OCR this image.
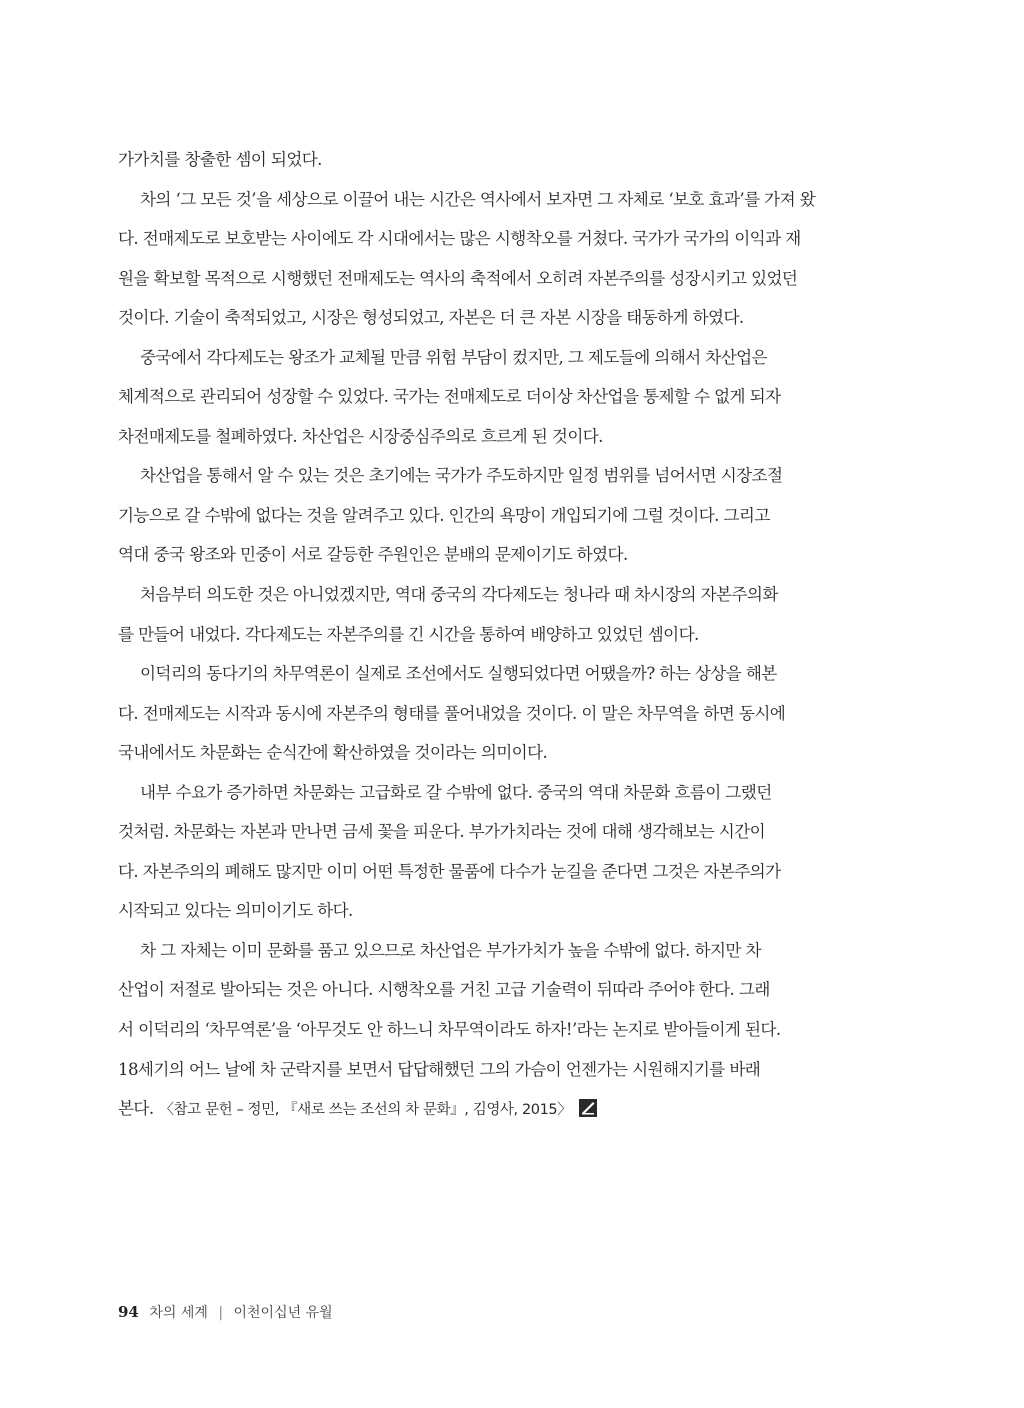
가가치를 창출한 셈이 되었다.
차의 ‘그 모든 것’을 세상으로 이끌어 내는 시간은 역사에서 보자면 그 자체로 ‘보호 효과’를 가져 왔
다. 전매제도로 보호받는 사이에도 각 시대에서는 많은 시행착오를 거쳤다. 국가가 국가의 이익과 재
원을 확보할 목적으로 시행했던 전매제도는 역사의 축적에서 오히려 자본주의를 성장시키고 있었던
것이다. 기술이 축적되었고, 시장은 형성되었고, 자본은 더 큰 자본 시장을 태동하게 하였다.
중국에서 각다제도는 왕조가 교체될 만큼 위험 부담이 컸지만, 그 제도들에 의해서 차산업은
체계적으로 관리되어 성장할 수 있었다. 국가는 전매제도로 더이상 차산업을 통제할 수 없게 되자
차전매제도를 철폐하였다. 차산업은 시장중심주의로 흐르게 된 것이다.
차산업을 통해서 알 수 있는 것은 초기에는 국가가 주도하지만 일정 범위를 넘어서면 시장조절
기능으로 갈 수밖에 없다는 것을 알려주고 있다. 인간의 욕망이 개입되기에 그럴 것이다. 그리고
역대 중국 왕조와 민중이 서로 갈등한 주원인은 분배의 문제이기도 하였다.
처음부터 의도한 것은 아니었겠지만, 역대 중국의 각다제도는 청나라 때 차시장의 자본주의화
를 만들어 내었다. 각다제도는 자본주의를 긴 시간을 통하여 배양하고 있었던 셈이다.
이덕리의 동다기의 차무역론이 실제로 조선에서도 실행되었다면 어땠을까? 하는 상상을 해본
다. 전매제도는 시작과 동시에 자본주의 형태를 풀어내었을 것이다. 이 말은 차무역을 하면 동시에
국내에서도 차문화는 순식간에 확산하였을 것이라는 의미이다.
내부 수요가 증가하면 차문화는 고급화로 갈 수밖에 없다. 중국의 역대 차문화 흐름이 그랬던
것처럼. 차문화는 자본과 만나면 금세 꽃을 피운다. 부가가치라는 것에 대해 생각해보는 시간이
다. 자본주의의 폐해도 많지만 이미 어떤 특정한 물품에 다수가 눈길을 준다면 그것은 자본주의가
시작되고 있다는 의미이기도 하다.
차 그 자체는 이미 문화를 품고 있으므로 차산업은 부가가치가 높을 수밖에 없다. 하지만 차
산업이 저절로 발아되는 것은 아니다. 시행착오를 거친 고급 기술력이 뒤따라 주어야 한다. 그래
서 이덕리의 ‘차무역론’을 ‘아무것도 안 하느니 차무역이라도 하자!’라는 논지로 받아들이게 된다.
18세기의 어느 날에 차 군락지를 보면서 답답해했던 그의 가슴이 언젠가는 시원해지기를 바래
본다. 〈참고 문헌 – 정민, 『새로 쓰는 조선의 차 문화』, 김영사, 2015〉
94 차의 세계 | 이천이십년 유월
